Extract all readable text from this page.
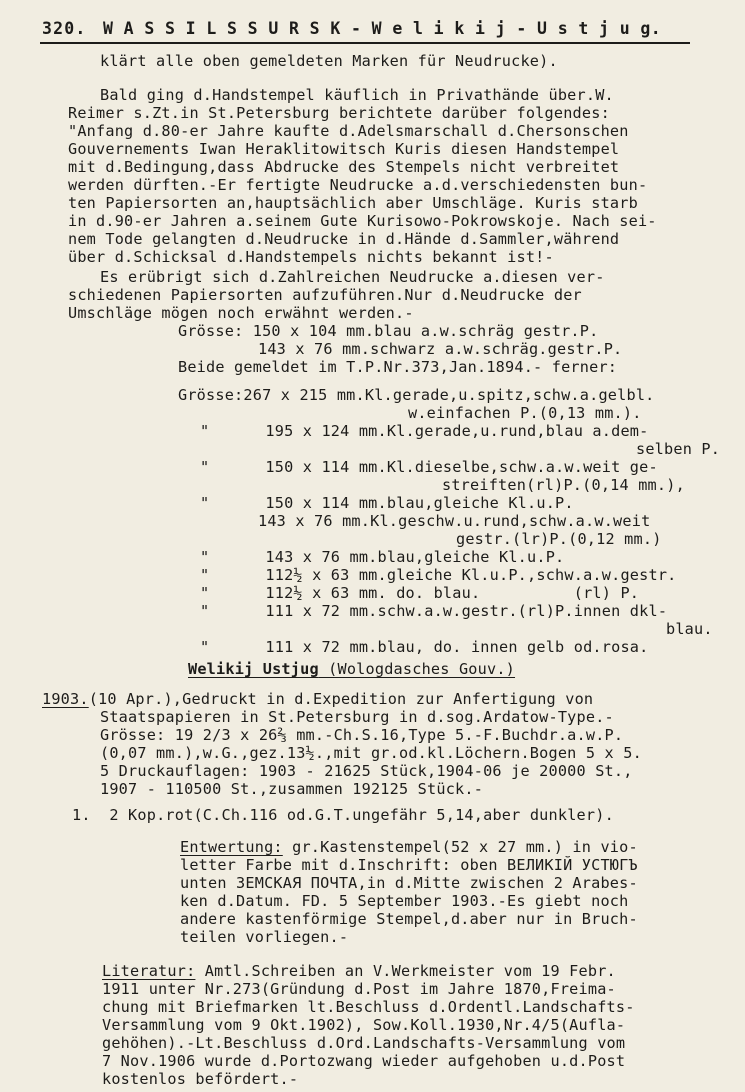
320. W A S S I L S S U R S K - W e l i k i j - U s t j u g.
klärt alle oben gemeldeten Marken für Neudrucke).
Bald ging d.Handstempel käuflich in Privathände über.W.
Reimer s.Zt.in St.Petersburg berichtete darüber folgendes:
"Anfang d.80-er Jahre kaufte d.Adelsmarschall d.Chersonschen
Gouvernements Iwan Heraklitowitsch Kuris diesen Handstempel
mit d.Bedingung,dass Abdrucke des Stempels nicht verbreitet
werden dürften.-Er fertigte Neudrucke a.d.verschiedensten bun-
ten Papiersorten an,hauptsächlich aber Umschläge. Kuris starb
in d.90-er Jahren a.seinem Gute Kurisowo-Pokrowskoje. Nach sei-
nem Tode gelangten d.Neudrucke in d.Hände d.Sammler,während
über d.Schicksal d.Handstempels nichts bekannt ist!-
Es erübrigt sich d.Zahlreichen Neudrucke a.diesen ver-
schiedenen Papiersorten aufzuführen.Nur d.Neudrucke der
Umschläge mögen noch erwähnt werden.-
Grösse: 150 x 104 mm.blau a.w.schräg gestr.P.
143 x 76 mm.schwarz a.w.schräg.gestr.P.
Beide gemeldet im T.P.Nr.373,Jan.1894.- ferner:
Grösse:267 x 215 mm.Kl.gerade,u.spitz,schw.a.gelbl.
w.einfachen P.(0,13 mm.).
"      195 x 124 mm.Kl.gerade,u.rund,blau a.dem-
selben P.
"      150 x 114 mm.Kl.dieselbe,schw.a.w.weit ge-
streiften(rl)P.(0,14 mm.),
"      150 x 114 mm.blau,gleiche Kl.u.P.
143 x 76 mm.Kl.geschw.u.rund,schw.a.w.weit
gestr.(lr)P.(0,12 mm.)
"      143 x 76 mm.blau,gleiche Kl.u.P.
"      112½ x 63 mm.gleiche Kl.u.P.,schw.a.w.gestr.
"      112½ x 63 mm. do. blau.          (rl) P.
"      111 x 72 mm.schw.a.w.gestr.(rl)P.innen dkl-
blau.
"      111 x 72 mm.blau, do. innen gelb od.rosa.
Welikij Ustjug (Wologdasches Gouv.)
1903.(10 Apr.),Gedruckt in d.Expedition zur Anfertigung von
Staatspapieren in St.Petersburg in d.sog.Ardatow-Type.-
Grösse: 19 2/3 x 26⅔ mm.-Ch.S.16,Type 5.-F.Buchdr.a.w.P.
(0,07 mm.),w.G.,gez.13½.,mit gr.od.kl.Löchern.Bogen 5 x 5.
5 Druckauflagen: 1903 - 21625 Stück,1904-06 je 20000 St.,
1907 - 110500 St.,zusammen 192125 Stück.-
1.  2 Kop.rot(C.Ch.116 od.G.T.ungefähr 5,14,aber dunkler).
Entwertung: gr.Kastenstempel(52 x 27 mm.) in vio-
letter Farbe mit d.Inschrift: oben ВЕЛИКIЙ УСТЮГЪ
unten ЗЕМСКАЯ ПОЧТА,in d.Mitte zwischen 2 Arabes-
ken d.Datum. FD. 5 September 1903.-Es giebt noch
andere kastenförmige Stempel,d.aber nur in Bruch-
teilen vorliegen.-
Literatur: Amtl.Schreiben an V.Werkmeister vom 19 Febr.
1911 unter Nr.273(Gründung d.Post im Jahre 1870,Freima-
chung mit Briefmarken lt.Beschluss d.Ordentl.Landschafts-
Versammlung vom 9 Okt.1902), Sow.Koll.1930,Nr.4/5(Aufla-
gehöhen).-Lt.Beschluss d.Ord.Landschafts-Versammlung vom
7 Nov.1906 wurde d.Portozwang wieder aufgehoben u.d.Post
kostenlos befördert.-
